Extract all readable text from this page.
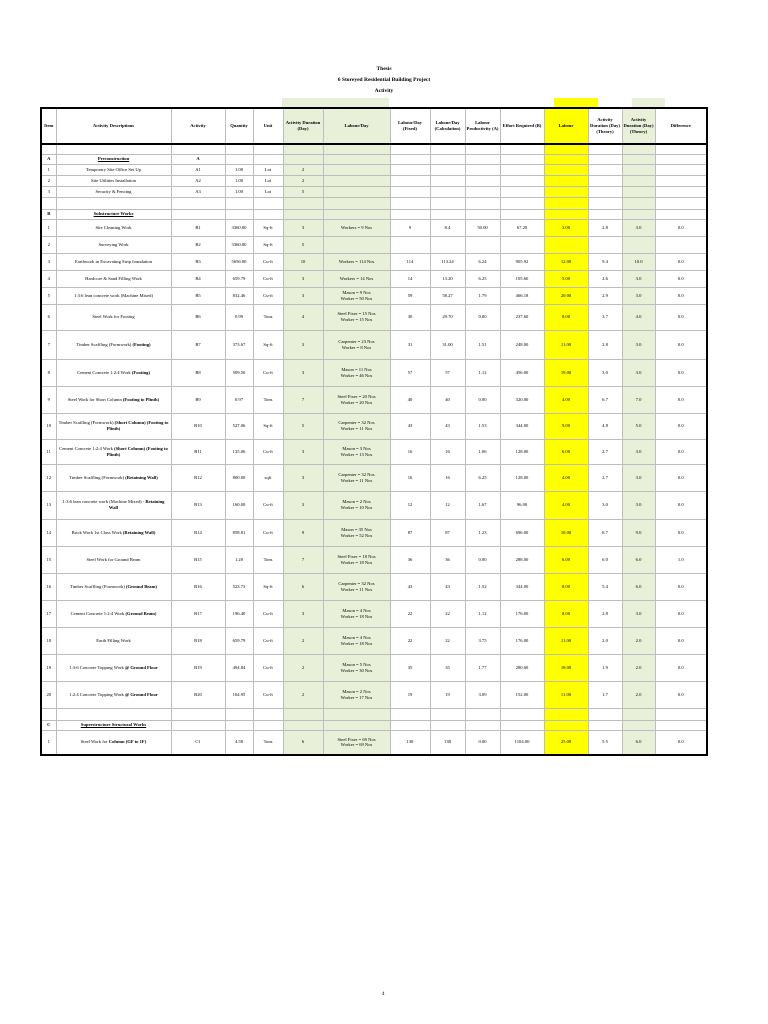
Thesis
6 Storeyed Residential Building Project
Activity
Item	Activity Descriptions	Activity	Quantity	Unit	Activity Duration (Day)	Labour/Day	Labour/Day (Fixed)	Labour/Day (Calculation)	Labour Productivity (A)	Effort Required (B)	Labour	Activity Duration (Day) (Theory)	Activity Duration (Day) (Theory)	Difference

A	Preconstruction	A												
1	Temporary Site Office Set Up	A1	1.00	Lot	2									
2	Site Utilities Installation	A2	1.00	Lot	2									
3	Security & Fencing	A3	1.00	Lot	5									

B	Substructure Works													
1	Site Cleaning Work	B1	3360.00	Sq-ft	3	Workers = 9 Nos	9	8.4	50.00	67.20	3.00	2.8	3.0	0.0
2	Surveying Work	B2	3360.00	Sq-ft	5									
3	Earthwork in Excavating Strip foundation	B3	5656.00	Cu-ft	10	Workers = 114 Nos	114	113.24	6.24	905.92	12.00	9.4	10.0	0.0
4	Hardcore & Sand Filling Work	B4	659.79	Cu-ft	3	Workers = 14 Nos	14	13.20	6.25	105.60	5.00	2.6	3.0	0.0
5	1:3:6 lean concrete work (Machine Mixed)	B5	832.46	Cu-ft	3	Mason = 9 Nos
Worker = 50 Nos	59	58.27	1.79	466.18	20.00	2.9	3.0	0.0
6	Steel Work for Footing	B6	0.99	Tons	4	Steel Fixer = 15 Nos
Worker = 15 Nos	30	29.70	0.00	237.60	8.00	3.7	4.0	0.0
7	Timber Scaffling (Formwork) (Footing)	B7	373.67	Sq-ft	3	Carpenter = 23 Nos
Worker = 8 Nos	31	31.00	1.51	248.00	11.00	2.8	3.0	0.0
8	Cement Concrete 1:2:4 Work (Footing)	B8	509.50	Cu-ft	3	Mason = 11 Nos
Worker = 46 Nos	57	57	1.12	456.00	19.00	3.0	3.0	0.0
9	Steel Work for Short Column (Footing to Plinth)	B9	0.97	Tons	7	Steel Fixer = 20 Nos
Worker = 20 Nos	40	40	0.00	320.00	4.00	6.7	7.0	0.0
10	Timber Scaffling (Formwork) (Short Column) (Footing to Plinth)	B10	527.06	Sq-ft	5	Carpenter = 32 Nos
Worker = 11 Nos	43	43	1.53	344.00	9.00	4.8	5.0	0.0
11	Cement Concrete 1:2:4 Work (Short Column) (Footing to Plinth)	B11	135.06	Cu-ft	3	Mason = 3 Nos
Worker = 13 Nos	16	16	1.06	128.00	6.00	2.7	3.0	0.0
12	Timber Scaffling (Formwork) (Retaining Wall)	B12	800.00	sqft	3	Carpenter = 32 Nos
Worker = 11 Nos	16	16	6.25	128.00	4.00	2.7	3.0	0.0
13	1:3:6 lean concrete work (Machine Mixed) - Retaining Wall	B13	160.00	Cu-ft	3	Mason = 2 Nos
Worker = 10 Nos	12	12	1.67	96.00	4.00	3.0	3.0	0.0
14	Brick Work 1st Class Work (Retaining Wall)	B14	858.81	Cu-ft	9	Mason = 35 Nos
Worker = 52 Nos	87	87	1.23	696.00	10.00	8.7	9.0	0.0
15	Steel Work for Ground Beam	B15	1.20	Tons	7	Steel Fixer = 18 Nos
Worker = 18 Nos	36	36	0.00	288.00	6.00	6.0	6.0	1.0
16	Timber Scaffling (Formwork) (Ground Beam)	B16	523.73	Sq-ft	6	Carpenter = 32 Nos
Worker = 11 Nos	43	43	1.52	344.00	8.00	5.4	6.0	0.0
17	Cement Concrete 1:2:4 Work (Ground Beam)	B17	196.40	Cu-ft	3	Mason = 4 Nos
Worker = 18 Nos	22	22	1.12	176.00	8.00	2.8	3.0	0.0
18	Earth Filling Work	B18	659.79	Cu-ft	2	Mason = 4 Nos
Worker = 18 Nos	22	22	3.75	176.00	11.00	2.0	2.0	0.0
19	1:3:6 Concrete Topping Work @ Ground Floor	B19	494.84	Cu-ft	2	Mason = 5 Nos
Worker = 30 Nos	35	35	1.77	280.00	18.00	1.9	2.0	0.0
20	1:2:4 Concrete Topping Work @ Ground Floor	B20	164.95	Cu-ft	2	Mason = 2 Nos
Worker = 17 Nos	19	19	3.09	152.00	11.00	1.7	2.0	0.0

C	Superstructure Structural Works													
1	Steel Work for Column (GF to 1F)	C1	4.58	Tons	6	Steel Fixer = 69 Nos
Worker = 69 Nos	138	138	0.00	1104.00	25.00	5.5	6.0	0.0
4
